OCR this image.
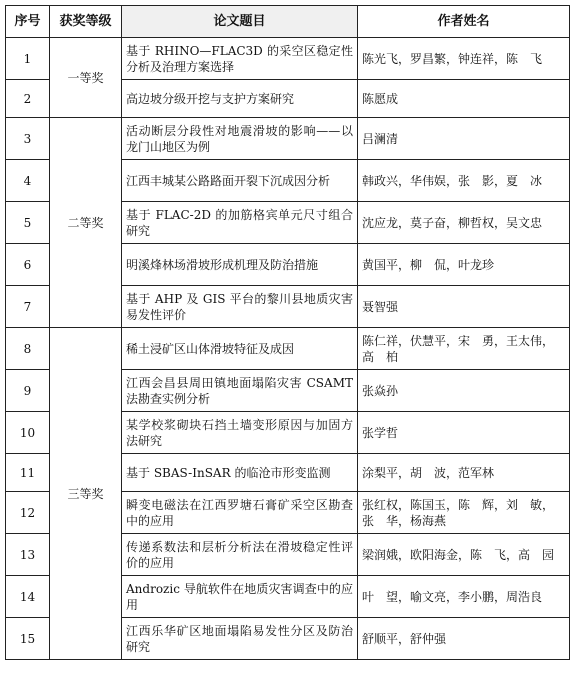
序号	获奖等级	论文题目	作者姓名
1	一等奖	基于 RHINO—FLAC3D 的采空区稳定性分析及治理方案选择	陈光飞，罗昌繁，钟连祥，陈　飞
2		高边坡分级开挖与支护方案研究	陈愿成
3	二等奖	活动断层分段性对地震滑坡的影响——以龙门山地区为例	吕澜清
4		江西丰城某公路路面开裂下沉成因分析	韩政兴，华伟娱，张　影，夏　冰
5		基于 FLAC-2D 的加筋格宾单元尺寸组合研究	沈应龙，莫子奋，柳哲权，吴文忠
6		明溪烽林场滑坡形成机理及防治措施	黄国平，柳　侃，叶龙珍
7		基于 AHP 及 GIS 平台的黎川县地质灾害易发性评价	聂智强
8	三等奖	稀土浸矿区山体滑坡特征及成因	陈仁祥，伏慧平，宋　勇，王太伟，高　柏
9		江西会昌县周田镇地面塌陷灾害 CSAMT 法勘查实例分析	张焱孙
10		某学校浆砌块石挡土墙变形原因与加固方法研究	张学哲
11		基于 SBAS-InSAR 的临沧市形变监测	涂梨平，胡　波，范军林
12		瞬变电磁法在江西罗塘石膏矿采空区勘查中的应用	张红权，陈国玉，陈　辉，刘　敏，张　华，杨海燕
13		传递系数法和层析分析法在滑坡稳定性评价的应用	梁润娥，欧阳海金，陈　飞，高　园
14		Androzic 导航软件在地质灾害调查中的应用	叶　望，喻文亮，李小鹏，周浩良
15		江西乐华矿区地面塌陷易发性分区及防治研究	舒顺平，舒仲强
